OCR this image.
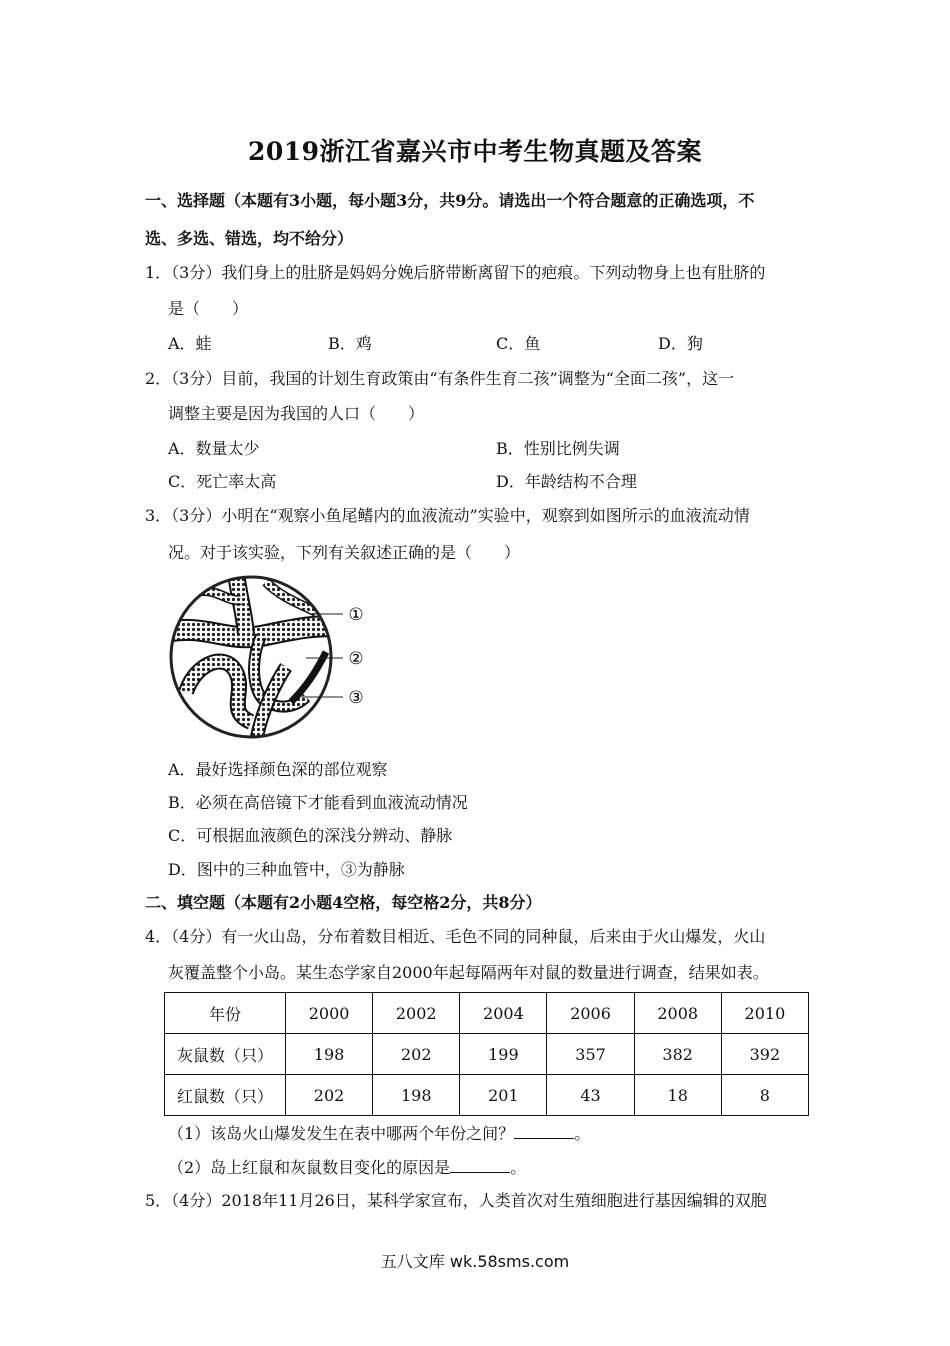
2019浙江省嘉兴市中考生物真题及答案
一、选择题（本题有3小题，每小题3分，共9分。请选出一个符合题意的正确选项，不
选、多选、错选，均不给分）
1．（3分）我们身上的肚脐是妈妈分娩后脐带断离留下的疤痕。下列动物身上也有肚脐的
是（　　）
A．蛙	B．鸡	C．鱼	D．狗
2．（3分）目前，我国的计划生育政策由“有条件生育二孩”调整为“全面二孩”，这一
调整主要是因为我国的人口（　　）
A．数量太少	B．性别比例失调
C．死亡率太高	D．年龄结构不合理
3．（3分）小明在“观察小鱼尾鳍内的血液流动”实验中，观察到如图所示的血液流动情
况。对于该实验，下列有关叙述正确的是（　　）
①
②
③
A．最好选择颜色深的部位观察
B．必须在高倍镜下才能看到血液流动情况
C．可根据血液颜色的深浅分辨动、静脉
D．图中的三种血管中，③为静脉
二、填空题（本题有2小题4空格，每空格2分，共8分）
4．（4分）有一火山岛，分布着数目相近、毛色不同的同种鼠，后来由于火山爆发，火山
灰覆盖整个小岛。某生态学家自2000年起每隔两年对鼠的数量进行调查，结果如表。
年份	2000	2002	2004	2006	2008	2010
灰鼠数（只）	198	202	199	357	382	392
红鼠数（只）	202	198	201	43	18	8
（1）该岛火山爆发发生在表中哪两个年份之间？	。
（2）岛上红鼠和灰鼠数目变化的原因是	。
5．（4分）2018年11月26日，某科学家宣布，人类首次对生殖细胞进行基因编辑的双胞
五八文库 wk.58sms.com
